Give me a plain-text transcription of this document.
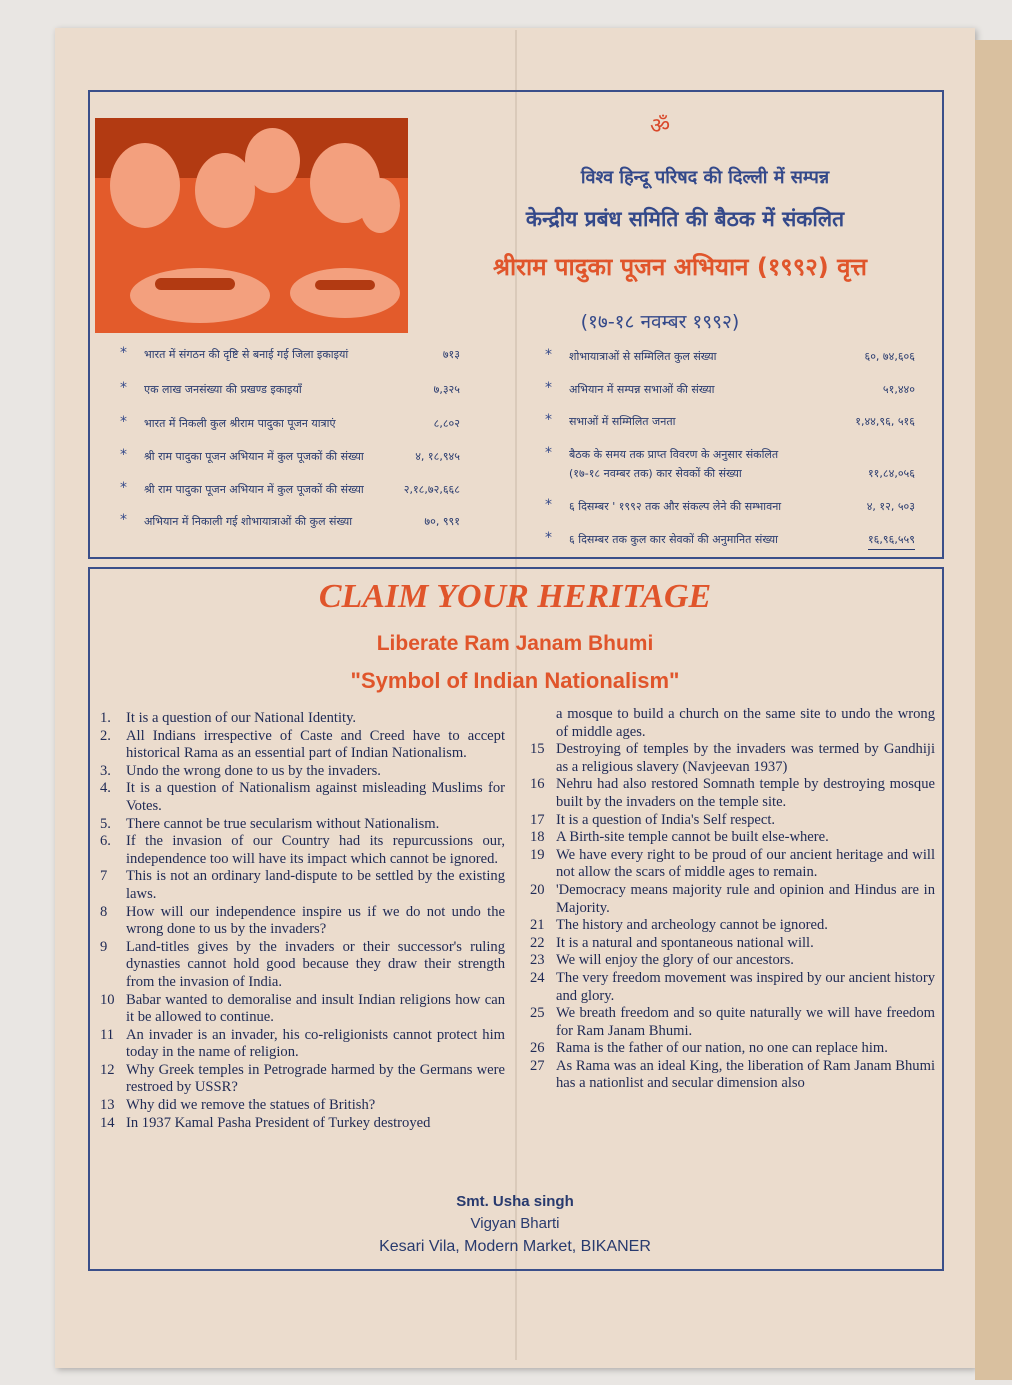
ॐ
विश्व हिन्दू परिषद की दिल्ली में सम्पन्न
केन्द्रीय प्रबंध समिति की बैठक में संकलित
श्रीराम पादुका पूजन अभियान (१९९२) वृत्त
(१७-१८ नवम्बर १९९२)
* भारत में संगठन की दृष्टि से बनाई गई जिला इकाइयां	७१३
* एक लाख जनसंख्या की प्रखण्ड इकाइयाँ	७,३२५
* भारत में निकली कुल श्रीराम पादुका पूजन यात्राएं	८,८०२
* श्री राम पादुका पूजन अभियान में कुल पूजकों की संख्या	४, १८,९४५
* श्री राम पादुका पूजन अभियान में कुल पूजकों की संख्या	२,१८,७२,६६८
* अभियान में निकाली गई शोभायात्राओं की कुल संख्या	७०, ९९१
* शोभायात्राओं से सम्मिलित कुल संख्या	६०, ७४,६०६
* अभियान में सम्पन्न सभाओं की संख्या	५१,४४०
* सभाओं में सम्मिलित जनता	१,४४,९६, ५१६
* बैठक के समय तक प्राप्त विवरण के अनुसार संकलित
(१७-१८ नवम्बर तक) कार सेवकों की संख्या	११,८४,०५६
* ६ दिसम्बर ' १९९२ तक और संकल्प लेने की सम्भावना	४, १२, ५०३
* ६ दिसम्बर तक कुल कार सेवकों की अनुमानित संख्या	१६,९६,५५९
CLAIM YOUR HERITAGE
Liberate Ram Janam Bhumi
"Symbol of Indian Nationalism"
1.	It is a question of our National Identity.
2.	All Indians irrespective of Caste and Creed have to accept historical Rama as an essential part of Indian Nationalism.
3.	Undo the wrong done to us by the invaders.
4.	It is a question of Nationalism against misleading Muslims for Votes.
5.	There cannot be true secularism without Nationalism.
6.	If the invasion of our Country had its repurcussions our, independence too will have its impact which cannot be ignored.
7	This is not an ordinary land-dispute to be settled by the existing laws.
8	How will our independence inspire us if we do not undo the wrong done to us by the invaders?
9	Land-titles gives by the invaders or their successor's ruling dynasties cannot hold good because they draw their strength from the invasion of India.
10 Babar wanted to demoralise and insult Indian religions how can it be allowed to continue.
11 An invader is an invader, his co-religionists cannot protect him today in the name of religion.
12 Why Greek temples in Petrograde harmed by the Germans were restroed by USSR?
13 Why did we remove the statues of British?
14 In 1937 Kamal Pasha President of Turkey destroyed
a mosque to build a church on the same site to undo the wrong of middle ages.
15 Destroying of temples by the invaders was termed by Gandhiji as a religious slavery (Navjeevan 1937)
16 Nehru had also restored Somnath temple by destroying mosque built by the invaders on the temple site.
17 It is a question of India's Self respect.
18 A Birth-site temple cannot be built else-where.
19 We have every right to be proud of our ancient heritage and will not allow the scars of middle ages to remain.
20 'Democracy means majority rule and opinion and Hindus are in Majority.
21 The history and archeology cannot be ignored.
22 It is a natural and spontaneous national will.
23 We will enjoy the glory of our ancestors.
24 The very freedom movement was inspired by our ancient history and glory.
25 We breath freedom and so quite naturally we will have freedom for Ram Janam Bhumi.
26 Rama is the father of our nation, no one can replace him.
27 As Rama was an ideal King, the liberation of Ram Janam Bhumi has a nationlist and secular dimension also
Smt. Usha singh
Vigyan Bharti
Kesari Vila, Modern Market, BIKANER
